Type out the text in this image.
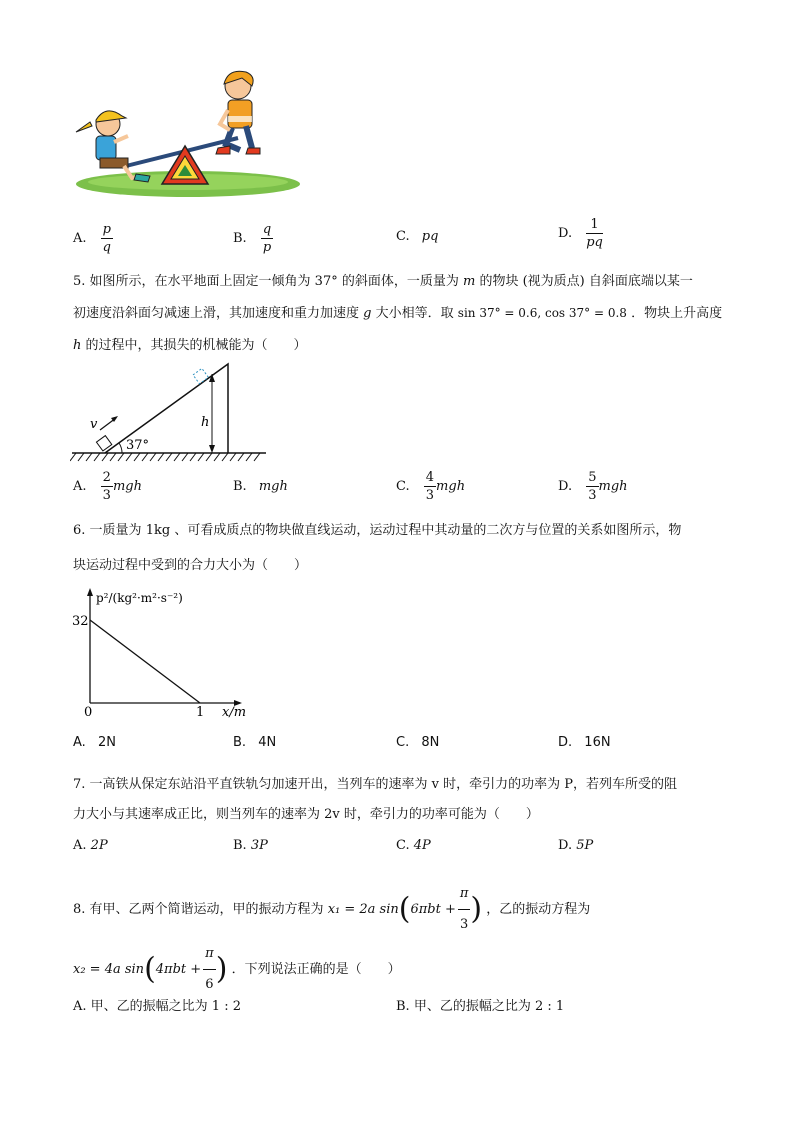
A. $\frac{p}{q}$	B. $\frac{q}{p}$	C. pq	D. $\frac{1}{pq}$
5. 如图所示，在水平地面上固定一倾角为 37° 的斜面体，一质量为 m 的物块 (视为质点) 自斜面底端以某一
初速度沿斜面匀减速上滑，其加速度和重力加速度 g 大小相等．取 sin 37° = 0.6, cos 37° = 0.8 ．物块上升高度
h 的过程中，其损失的机械能为（　　）
v
37°
h
A. $\frac{2}{3}$ mgh	B. mgh	C. $\frac{4}{3}$ mgh	D. $\frac{5}{3}$ mgh
6. 一质量为 1kg 、可看成质点的物块做直线运动，运动过程中其动量的二次方与位置的关系如图所示，物
块运动过程中受到的合力大小为（　　）
p²/(kg²·m²·s⁻²)
32
0	1 x/m
A. 2N	B. 4N	C. 8N	D. 16N
7. 一高铁从保定东站沿平直铁轨匀加速开出，当列车的速率为 v 时，牵引力的功率为 P，若列车所受的阻
力大小与其速率成正比，则当列车的速率为 2v 时，牵引力的功率可能为（　　）
A. 2P	B. 3P	C. 4P	D. 5P
8. 有甲、乙两个简谐运动，甲的振动方程为 x₁ = 2a $\sin(6\pi bt + \frac{\pi}{3}$ ) ，乙的振动方程为
x₂ = 4a $\sin(4\pi bt + \frac{\pi}{6}$ ) ．下列说法正确的是（　　）
A. 甲、乙的振幅之比为 1 : 2	B. 甲、乙的振幅之比为 2 : 1
